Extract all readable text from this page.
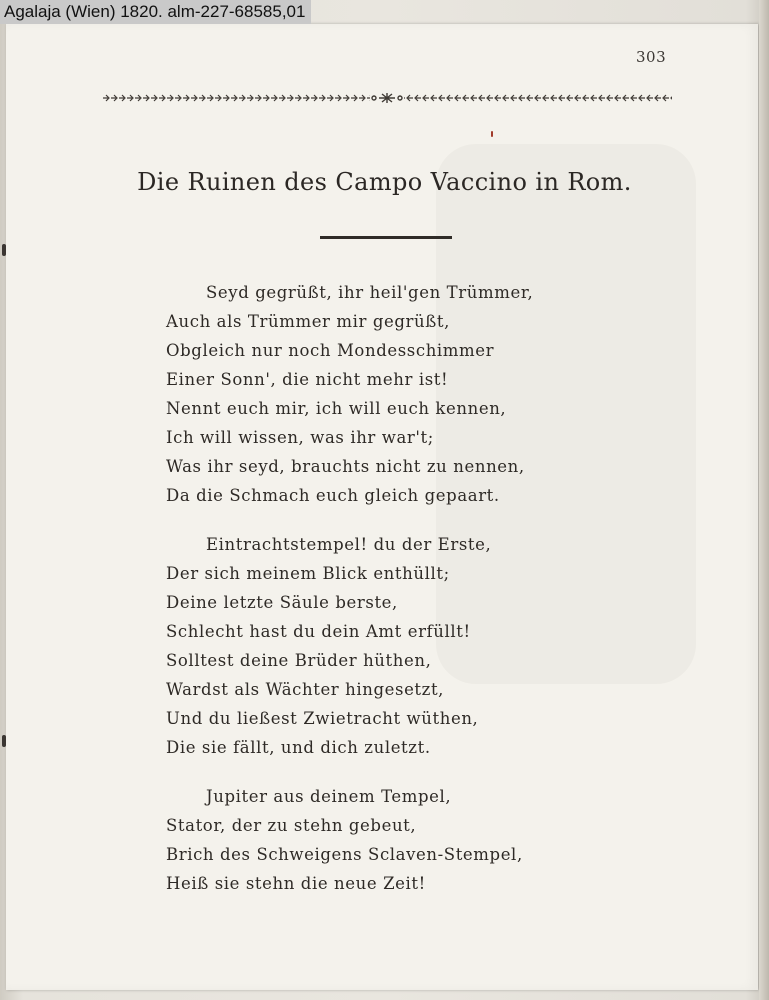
Agalaja (Wien) 1820. alm-227-68585,01
303
Die Ruinen des Campo Vaccino in Rom.
Seyd gegrüßt, ihr heil'gen Trümmer,
Auch als Trümmer mir gegrüßt,
Obgleich nur noch Mondesschimmer
Einer Sonn', die nicht mehr ist!
Nennt euch mir, ich will euch kennen,
Ich will wissen, was ihr war't;
Was ihr seyd, brauchts nicht zu nennen,
Da die Schmach euch gleich gepaart.
Eintrachtstempel! du der Erste,
Der sich meinem Blick enthüllt;
Deine letzte Säule berste,
Schlecht hast du dein Amt erfüllt!
Solltest deine Brüder hüthen,
Wardst als Wächter hingesetzt,
Und du ließest Zwietracht wüthen,
Die sie fällt, und dich zuletzt.
Jupiter aus deinem Tempel,
Stator, der zu stehn gebeut,
Brich des Schweigens Sclaven-Stempel,
Heiß sie stehn die neue Zeit!
